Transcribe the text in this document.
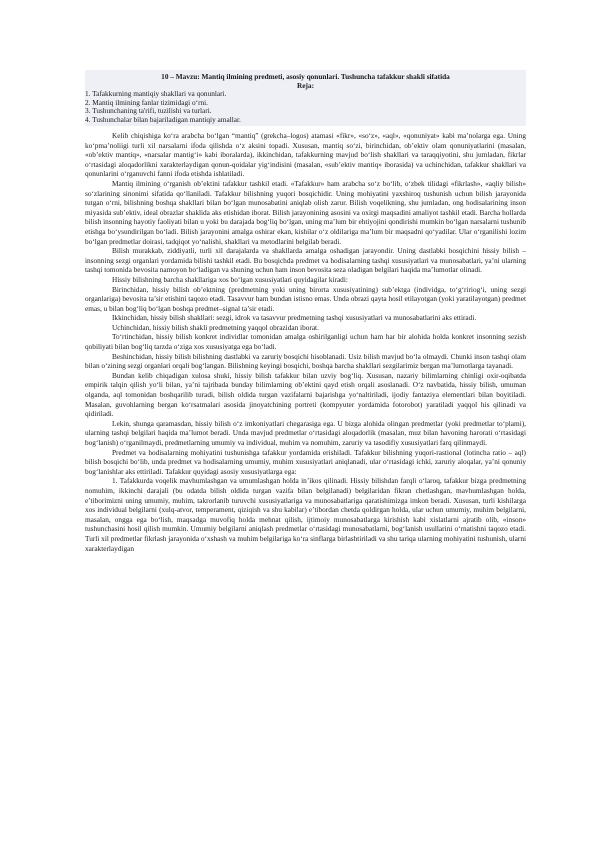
10 – Mavzu: Mantiq ilmining predmeti, asosiy qonunlari. Tushuncha tafakkur shakli sifatida
Reja:
1. Tafakkurning mantiqiy shakllari va qonunlari.
2. Mantiq ilmining fanlar tizimidagi o‘rni.
3. Tushunchaning ta'rifi, tuzilishi va turlari.
4. Tushunchalar bilan bajariladigan mantiqiy amallar.

Kelib chiqishiga ko‘ra arabcha bo‘lgan “mantiq” (grekcha–logos) atamasi «fikr», «so‘z», «aql», «qonuniyat» kabi ma’nolarga ega. Uning ko‘pma’noliigi turli xil narsalarni ifoda qilishda o‘z aksini topadi. Xususan, mantiq so‘zi, birinchidan, ob’ektiv olam qonuniyatlarini (masalan, «ob’ektiv mantiq», «narsalar mantig‘i» kabi iboralarda), ikkinchidan, tafakkurning mavjud bo‘lish shakllari va taraqqiyotini, shu jumladan, fikrlar o‘rtasidagi aloqadorlikni xarakterlaydigan qonun-qoidalar yig‘indisini (masalan, «sub’ektiv mantiq» iborasida) va uchinchidan, tafakkur shakllari va qonunlarini o‘rganuvchi fanni ifoda etishda ishlatiladi.

Mantiq ilmining o‘rganish ob’ektini tafakkur tashkil etadi. «Tafakkur» ham arabcha so‘z bo‘lib, o‘zbek tilidagi «fikrlash», «aqliy bilish» so‘zlarining sinonimi sifatida qo‘llaniladi. Tafakkur bilishning yuqori bosqichidir. Uning mohiyatini yaxshiroq tushunish uchun bilish jarayonida tutgan o‘rni, bilishning boshqa shakllari bilan bo‘lgan munosabatini aniqlab olish zarur. Bilish voqelikning, shu jumladan, ong hodisalarining inson miyasida sub’ektiv, ideal obrazlar shaklida aks etishidan iborat. Bilish jarayonining asosini va oxirgi maqsadini amaliyot tashkil etadi. Barcha hollarda bilish insonning hayotiy faoliyati bilan u yoki bu darajada bog‘liq bo‘lgan, uning ma’lum bir ehtiyojini qondirishi mumkin bo‘lgan narsalarni tushunib etishga bo‘ysundirilgan bo‘ladi. Bilish jarayonini amalga oshirar ekan, kishilar o‘z oldilariga ma’lum bir maqsadni qo‘yadilar. Ular o‘rganilishi lozim bo‘lgan predmetlar doirasi, tadqiqot yo‘nalishi, shakllari va metodlarini belgilab beradi.

Bilish murakkab, ziddiyatli, turli xil darajalarda va shakllarda amalga oshadigan jarayondir. Uning dastlabki bosqichini hissiy bilish – insonning sezgi organlari yordamida bilishi tashkil etadi. Bu bosqichda predmet va hodisalarning tashqi xususiyatlari va munosabatlari, ya’ni ularning tashqi tomonida bevosita namoyon bo‘ladigan va shuning uchun ham inson bevosita seza oladigan belgilari haqida ma’lumotlar olinadi.

Hissiy bilishning barcha shakllariga xos bo‘lgan xususiyatlari quyidagilar kiradi:

Birinchidan, hissiy bilish ob’ektning (predmetning yoki uning birorta xususiyatining) sub’ektga (individga, to‘g‘ririog‘i, uning sezgi organlariga) bevosita ta’sir etishini taqozo etadi. Tasavvur ham bundan istisno emas. Unda obrazi qayta hosil etilayotgan (yoki yaratilayotgan) predmet emas, u bilan bog‘liq bo‘lgan boshqa predmet–signal ta’sir etadi.

Ikkinchidan, hissiy bilish shakllari: sezgi, idrok va tasavvur predmetning tashqi xususiyatlari va munosabatlarini aks ettiradi.

Uchinchidan, hissiy bilish shakli predmetning yaqqol obrazidan iborat.

To‘rtinchidan, hissiy bilish konkret individlar tomonidan amalga oshirilganligi uchun ham har bir alohida holda konkret insonning sezish qobiliyati bilan bog‘liq tarzda o‘ziga xos xususiyatga ega bo‘ladi.

Beshinchidan, hissiy bilish bilishning dastlabki va zaruriy bosqichi hisoblanadi. Usiz bilish mavjud bo‘la olmaydi. Chunki inson tashqi olam bilan o‘zining sezgi organlari orqali bog‘langan. Bilishning keyingi bosqichi, boshqa barcha shakllari sezgilarimiz bergan ma’lumotlarga tayanadi.

Bundan kelib chiqadigan xulosa shuki, hissiy bilish tafakkur bilan uzviy bog‘liq. Xususan, nazariy bilimlarning chinligi oxir-oqibatda empirik talqin qilish yo‘li bilan, ya’ni tajribada bunday bilimlarning ob’ektini qayd etish orqali asoslanadi. O‘z navbatida, hissiy bilish, umuman olganda, aql tomonidan boshqarilib turadi, bilish oldida turgan vazifalarni bajarishga yo‘naltiriladi, ijodiy fantaziya elementlari bilan boyitiladi. Masalan, guvohlarning bergan ko‘rsatmalari asosida jinoyatchining portreti (kompyuter yordamida fotorobot) yaratiladi yaqqol his qilinadi va qidiriladi.

Lekin, shunga qaramasdan, hissiy bilish o‘z imkoniyatlari chegarasiga ega. U bizga alohida olingan predmetlar (yoki predmetlar to‘plami), ularning tashqi belgilari haqida ma’lumot beradi. Unda mavjud predmetlar o‘rtasidagi aloqadorlik (masalan, muz bilan havoning harorati o‘rtasidagi bog‘lanish) o‘rganilmaydi, predmetlarning umumiy va individual, muhim va nomuhim, zaruriy va tasodifiy xususiyatlari farq qilinmaydi.

Predmet va hodisalarning mohiyatini tushunishga tafakkur yordamida erishiladi. Tafakkur bilishning yuqori-rastional (lotincha ratio – aql) bilish bosqichi bo‘lib, unda predmet va hodisalarning umumiy, muhim xususiyatlari aniqlanadi, ular o‘rtasidagi ichki, zaruriy aloqalar, ya’ni qonuniy bog‘lanishlar aks ettiriladi. Tafakkur quyidagi asosiy xususiyatlarga ega:

1. Tafakkurda voqelik mavhumlashgan va umumlashgan holda in’ikos qilinadi. Hissiy bilishdan farqli o‘laroq, tafakkur bizga predmetning nomuhim, ikkinchi darajali (bu odatda bilish oldida turgan vazifa bilan belgilanadi) belgilaridan fikran chetlashgan, mavhumlashgan holda, e’tiborimizni uning umumiy, muhim, takrorlanib turuvchi xususiyatlariga va munosabatlariga qaratishimizga imkon beradi. Xususan, turli kishilarga xos individual belgilarni (xulq-atvor, temperament, qiziqish va shu kabilar) e’tibordan chetda qoldirgan holda, ular uchun umumiy, muhim belgilarni, masalan, ongga ega bo‘lish, maqsadga muvofiq holda mehnat qilish, ijtimoiy munosabatlarga kirishish kabi xislatlarni ajratib olib, «inson» tushunchasini hosil qilish mumkin. Umumiy belgilarni aniqlash predmetlar o‘rtasidagi munosabatlarni, bog‘lanish usullarini o‘rnatishni taqozo etadi. Turli xil predmetlar fikrlash jarayonida o‘xshash va muhim belgilariga ko‘ra sinflarga birlashtiriladi va shu tariqa ularning mohiyatini tushunish, ularni xarakterlaydigan
